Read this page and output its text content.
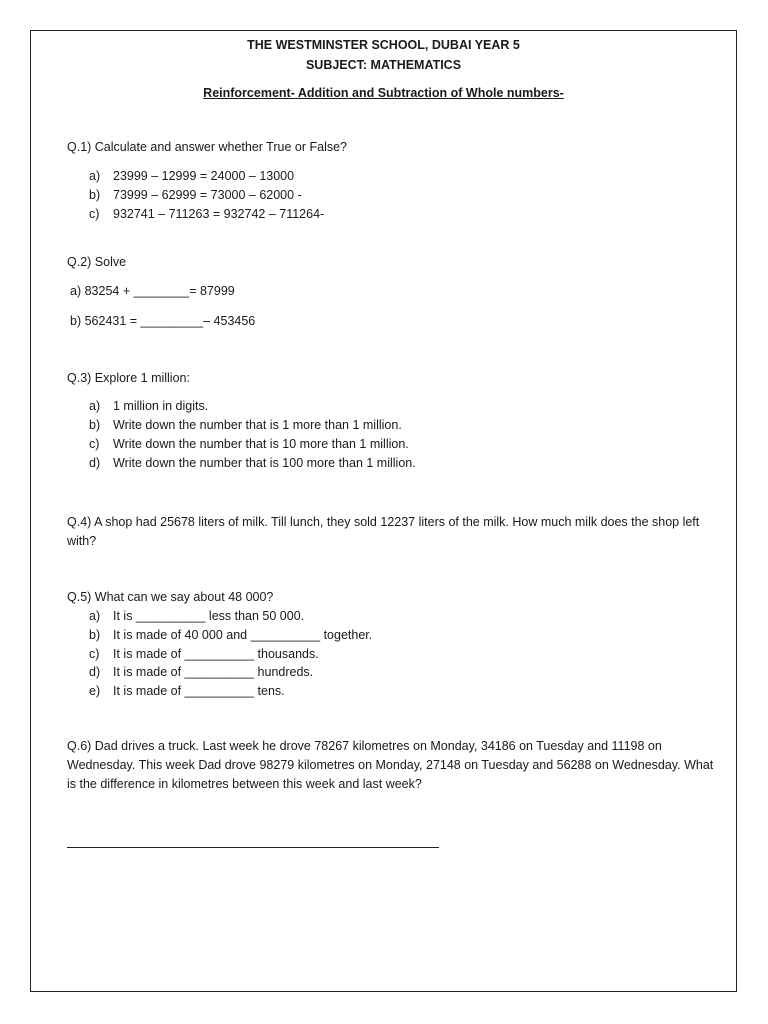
THE WESTMINSTER SCHOOL, DUBAI YEAR 5
SUBJECT: MATHEMATICS
Reinforcement- Addition and Subtraction of Whole numbers-
Q.1) Calculate and answer whether True or False?
a) 23999 – 12999 = 24000 – 13000
b) 73999 – 62999 = 73000 – 62000 -
c) 932741 – 711263 = 932742 – 711264-
Q.2) Solve
a) 83254 + ________= 87999
b) 562431 = _________– 453456
Q.3) Explore 1 million:
a) 1 million in digits.
b) Write down the number that is 1 more than 1 million.
c) Write down the number that is 10 more than 1 million.
d) Write down the number that is 100 more than 1 million.
Q.4) A shop had 25678 liters of milk. Till lunch, they sold 12237 liters of the milk. How much milk does the shop left with?
Q.5) What can we say about 48 000?
a) It is __________ less than 50 000.
b) It is made of 40 000 and __________ together.
c) It is made of __________ thousands.
d) It is made of __________ hundreds.
e) It is made of __________ tens.
Q.6) Dad drives a truck. Last week he drove 78267 kilometres on Monday, 34186 on Tuesday and 11198 on Wednesday. This week Dad drove 98279 kilometres on Monday, 27148 on Tuesday and 56288 on Wednesday. What is the difference in kilometres between this week and last week?
